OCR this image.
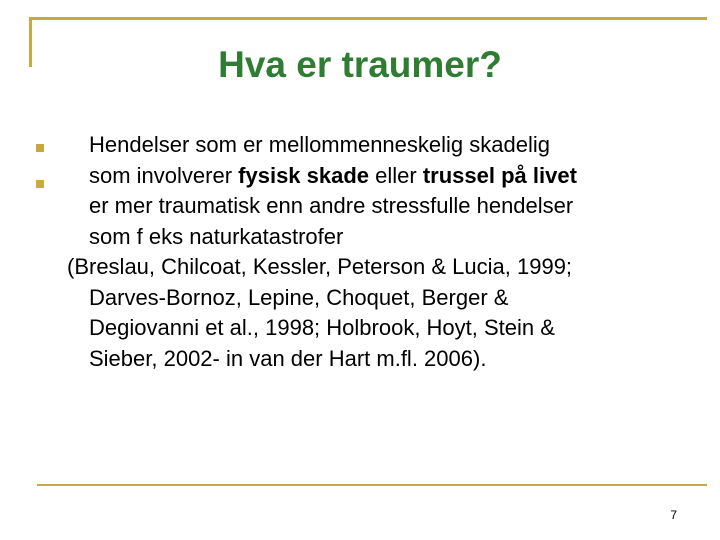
Hva er traumer?
Hendelser som er mellommenneskelig skadelig
som involverer fysisk skade eller trussel på livet
er mer traumatisk enn andre stressfulle hendelser
som f eks naturkatastrofer
(Breslau, Chilcoat, Kessler, Peterson & Lucia, 1999;
Darves-Bornoz, Lepine, Choquet, Berger &
Degiovanni et al., 1998; Holbrook, Hoyt, Stein &
Sieber, 2002- in van der Hart m.fl. 2006).
7
